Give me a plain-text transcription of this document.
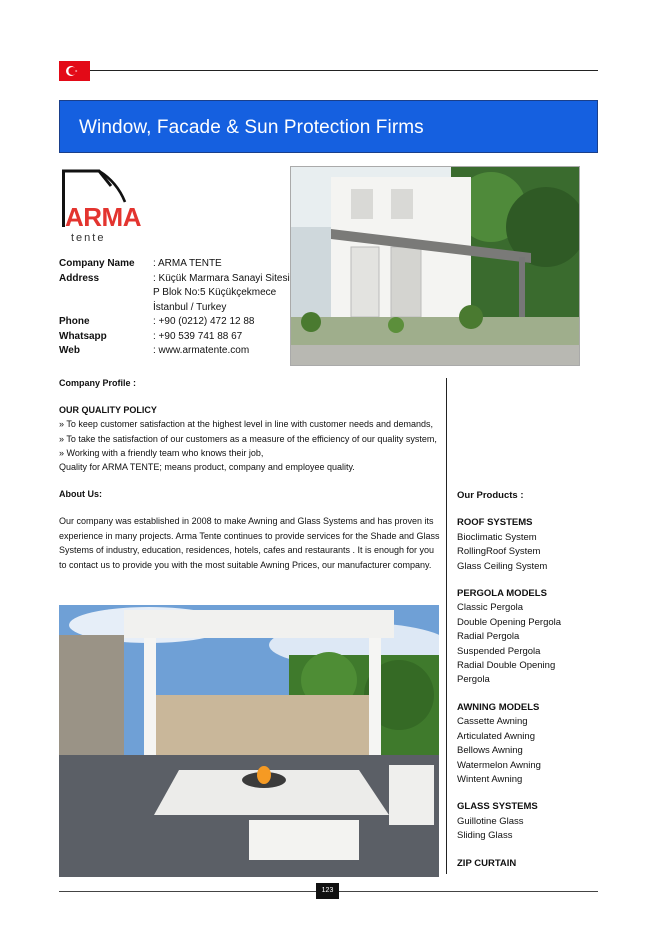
Window, Facade & Sun Protection Firms
ARMA
tente
Company Name	: ARMA TENTE
Address	: Küçük Marmara Sanayi Sitesi
P Blok No:5 Küçükçekmece
İstanbul / Turkey
Phone	: +90 (0212) 472 12 88
Whatsapp	: +90 539 741 88 67
Web	: www.armatente.com
Company Profile :
OUR QUALITY POLICY
» To keep customer satisfaction at the highest level in line with customer needs and demands,
» To take the satisfaction of our customers as a measure of the efficiency of our quality system,
» Working with a friendly team who knows their job,
Quality for ARMA TENTE; means product, company and employee quality.
About Us:
Our company was established in 2008 to make Awning and Glass Systems and has proven its experience in many projects. Arma Tente continues to provide services for the Shade and Glass Systems of industry, education, residences, hotels, cafes and restaurants . It is enough for you to contact us to provide you with the most suitable Awning Prices, our manufacturer company.
Our Products :
ROOF SYSTEMS
Bioclimatic System
RollingRoof System
Glass Ceiling System
PERGOLA MODELS
Classic Pergola
Double Opening Pergola
Radial Pergola
Suspended Pergola
Radial Double Opening
Pergola
AWNING MODELS
Cassette Awning
Articulated Awning
Bellows Awning
Watermelon Awning
Wintent Awning
GLASS SYSTEMS
Guillotine Glass
Sliding Glass
ZIP CURTAIN
123
